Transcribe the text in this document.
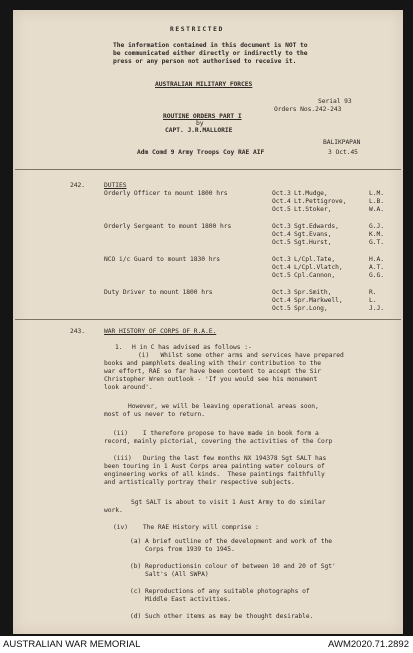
RESTRICTED
The information contained in this document is NOT to
be communicated either directly or indirectly to the
press or any person not authorised to receive it.
AUSTRALIAN MILITARY FORCES
Serial 93
Orders Nos.242-243
ROUTINE ORDERS PART I
by
CAPT. J.R.MALLORIE
BALIKPAPAN
Adm Comd 9 Army Troops Coy RAE AIF	3 Oct.45
242.	DUTIES
Orderly Officer to mount 1800 hrs	Oct.3 Lt.Mudge,	L.M.
Oct.4 Lt.Pettigrove,	L.B.
Oct.5 Lt.Stoker,	W.A.
Orderly Sergeant to mount 1800 hrs	Oct.3 Sgt.Edwards,	G.J.
Oct.4 Sgt.Evans,	K.M.
Oct.5 Sgt.Hurst,	G.T.
NCO i/c Guard to mount 1830 hrs	Oct.3 L/Cpl.Tate,	H.A.
Oct.4 L/Cpl.Vlatch,	A.T.
Oct.5 Cpl.Cannon,	G.G.
Duty Driver to mount 1800 hrs	Oct.3 Spr.Smith,	R.
Oct.4 Spr.Markwell,	L.
Oct.5 Spr.Long,	J.J.
243.	WAR HISTORY OF CORPS OF R.A.E.
1. H in C has advised as follows :-
(i)   Whilst some other arms and services have prepared
books and pamphlets dealing with their contribution to the
war effort, RAE so far have been content to accept the Sir
Christopher Wren outlook - 'If you would see his monument
look around'.
However, we will be leaving operational areas soon,
most of us never to return.
(ii)    I therefore propose to have made in book form a
record, mainly pictorial, covering the activities of the Corp
(iii)   During the last few months NX 194378 Sgt SALT has
been touring in 1 Aust Corps area painting water colours of
engineering works of all kinds.  These paintings faithfully
and artistically portray their respective subjects.
Sgt SALT is about to visit 1 Aust Army to do similar
work.
(iv)    The RAE History will comprise :
(a) A brief outline of the development and work of the
Corps from 1939 to 1945.
(b) Reproductionsin colour of between 10 and 20 of Sgt'
Salt's (All SWPA)
(c) Reproductions of any suitable photographs of
Middle East activities.
(d) Such other items as may be thought desirable.
AUSTRALIAN WAR MEMORIAL	AWM2020.71.2892
